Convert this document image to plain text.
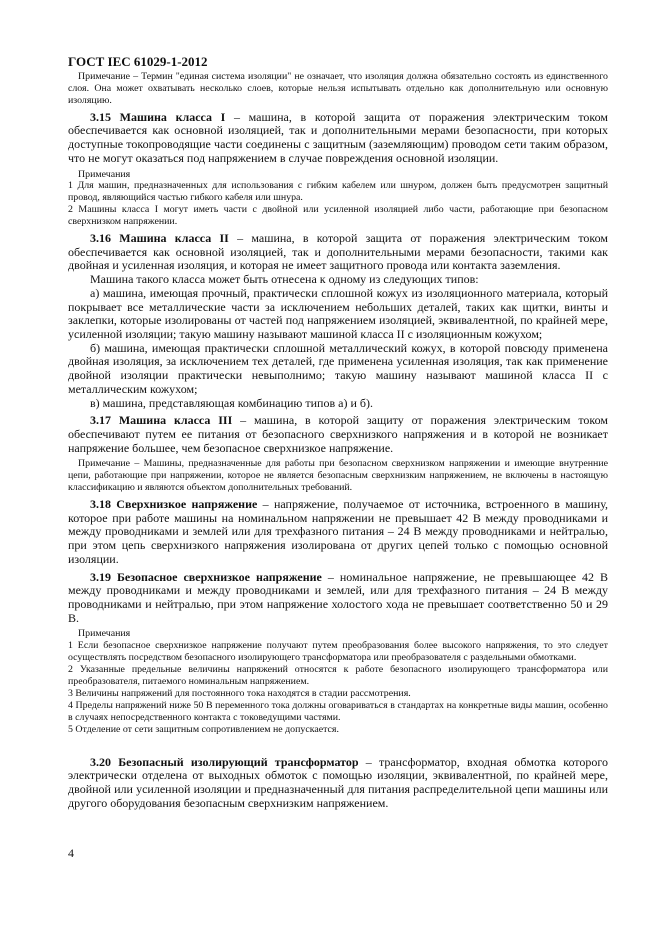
ГОСТ IEC 61029-1-2012

Примечание – Термин "единая система изоляции" не означает, что изоляция должна обязательно состоять из единственного слоя. Она может охватывать несколько слоев, которые нельзя испытывать отдельно как дополнительную или основную изоляцию.

3.15 Машина класса I – машина, в которой защита от поражения электрическим током обеспечивается как основной изоляцией, так и дополнительными мерами безопасности, при которых доступные токопроводящие части соединены с защитным (заземляющим) проводом сети таким образом, что не могут оказаться под напряжением в случае повреждения основной изоляции.

Примечания

1 Для машин, предназначенных для использования с гибким кабелем или шнуром, должен быть предусмотрен защитный провод, являющийся частью гибкого кабеля или шнура.

2 Машины класса I могут иметь части с двойной или усиленной изоляцией либо части, работающие при безопасном сверхнизком напряжении.

3.16 Машина класса II – машина, в которой защита от поражения электрическим током обеспечивается как основной изоляцией, так и дополнительными мерами безопасности, такими как двойная и усиленная изоляция, и которая не имеет защитного провода или контакта заземления.

Машина такого класса может быть отнесена к одному из следующих типов:

а) машина, имеющая прочный, практически сплошной кожух из изоляционного материала, который покрывает все металлические части за исключением небольших деталей, таких как щитки, винты и заклепки, которые изолированы от частей под напряжением изоляцией, эквивалентной, по крайней мере, усиленной изоляции; такую машину называют машиной класса II с изоляционным кожухом;

б) машина, имеющая практически сплошной металлический кожух, в которой повсюду применена двойная изоляция, за исключением тех деталей, где применена усиленная изоляция, так как применение двойной изоляции практически невыполнимо; такую машину называют машиной класса II с металлическим кожухом;

в) машина, представляющая комбинацию типов а) и б).

3.17 Машина класса III – машина, в которой защиту от поражения электрическим током обеспечивают путем ее питания от безопасного сверхнизкого напряжения и в которой не возникает напряжение большее, чем безопасное сверхнизкое напряжение.

Примечание – Машины, предназначенные для работы при безопасном сверхнизком напряжении и имеющие внутренние цепи, работающие при напряжении, которое не является безопасным сверхнизким напряжением, не включены в настоящую классификацию и являются объектом дополнительных требований.

3.18 Сверхнизкое напряжение – напряжение, получаемое от источника, встроенного в машину, которое при работе машины на номинальном напряжении не превышает 42 В между проводниками и между проводниками и землей или для трехфазного питания – 24 В между проводниками и нейтралью, при этом цепь сверхнизкого напряжения изолирована от других цепей только с помощью основной изоляции.

3.19 Безопасное сверхнизкое напряжение – номинальное напряжение, не превышающее 42 В между проводниками и между проводниками и землей, или для трехфазного питания – 24 В между проводниками и нейтралью, при этом напряжение холостого хода не превышает соответственно 50 и 29 В.

Примечания

1 Если безопасное сверхнизкое напряжение получают путем преобразования более высокого напряжения, то это следует осуществлять посредством безопасного изолирующего трансформатора или преобразователя с раздельными обмотками.

2 Указанные предельные величины напряжений относятся к работе безопасного изолирующего трансформатора или преобразователя, питаемого номинальным напряжением.

3 Величины напряжений для постоянного тока находятся в стадии рассмотрения.

4 Пределы напряжений ниже 50 В переменного тока должны оговариваться в стандартах на конкретные виды машин, особенно в случаях непосредственного контакта с токоведущими частями.

5 Отделение от сети защитным сопротивлением не допускается.

3.20 Безопасный изолирующий трансформатор – трансформатор, входная обмотка которого электрически отделена от выходных обмоток с помощью изоляции, эквивалентной, по крайней мере, двойной или усиленной изоляции и предназначенный для питания распределительной цепи машины или другого оборудования безопасным сверхнизким напряжением.

4
